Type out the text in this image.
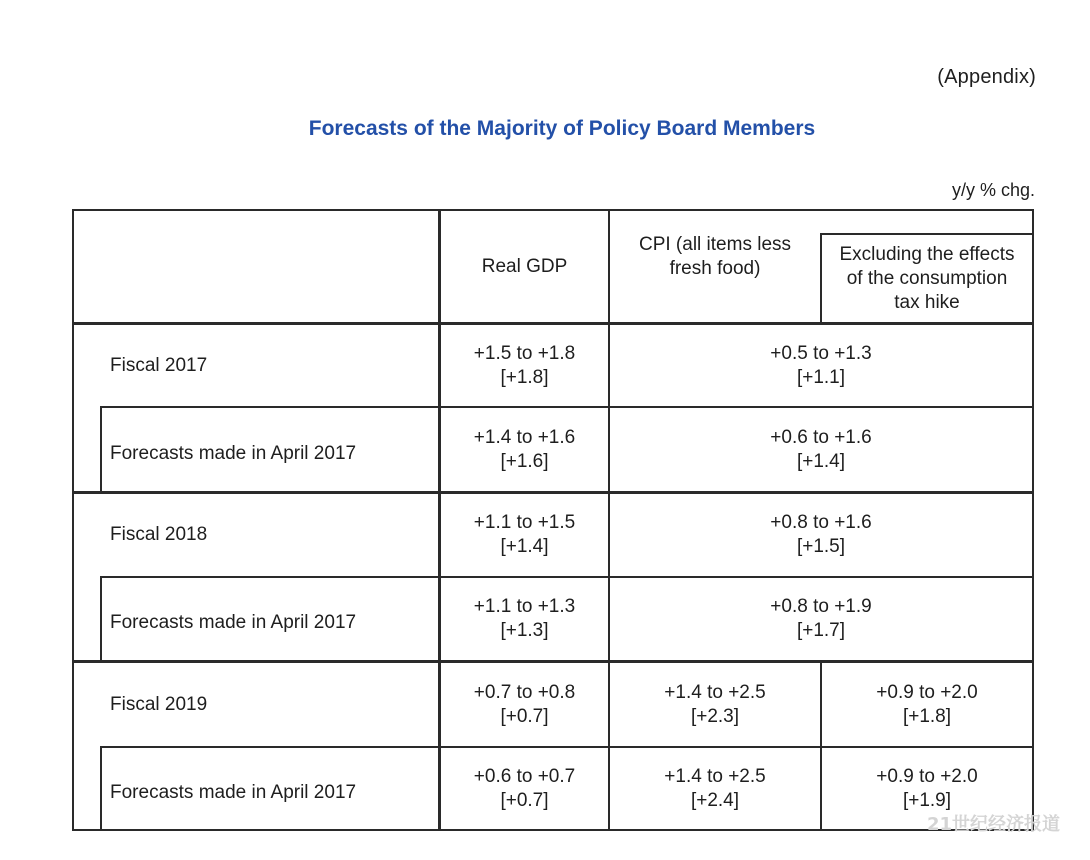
(Appendix)
Forecasts of the Majority of Policy Board Members
y/y % chg.
Real GDP
CPI (all items less
fresh food)
Excluding the effects
of the consumption
tax hike
Fiscal 2017
+1.5 to +1.8
[+1.8]
+0.5 to +1.3
[+1.1]
Forecasts made in April 2017
+1.4 to +1.6
[+1.6]
+0.6 to +1.6
[+1.4]
Fiscal 2018
+1.1 to +1.5
[+1.4]
+0.8 to +1.6
[+1.5]
Forecasts made in April 2017
+1.1 to +1.3
[+1.3]
+0.8 to +1.9
[+1.7]
Fiscal 2019
+0.7 to +0.8
[+0.7]
+1.4 to +2.5
[+2.3]
+0.9 to +2.0
[+1.8]
Forecasts made in April 2017
+0.6 to +0.7
[+0.7]
+1.4 to +2.5
[+2.4]
+0.9 to +2.0
[+1.9]
21世纪经济报道
